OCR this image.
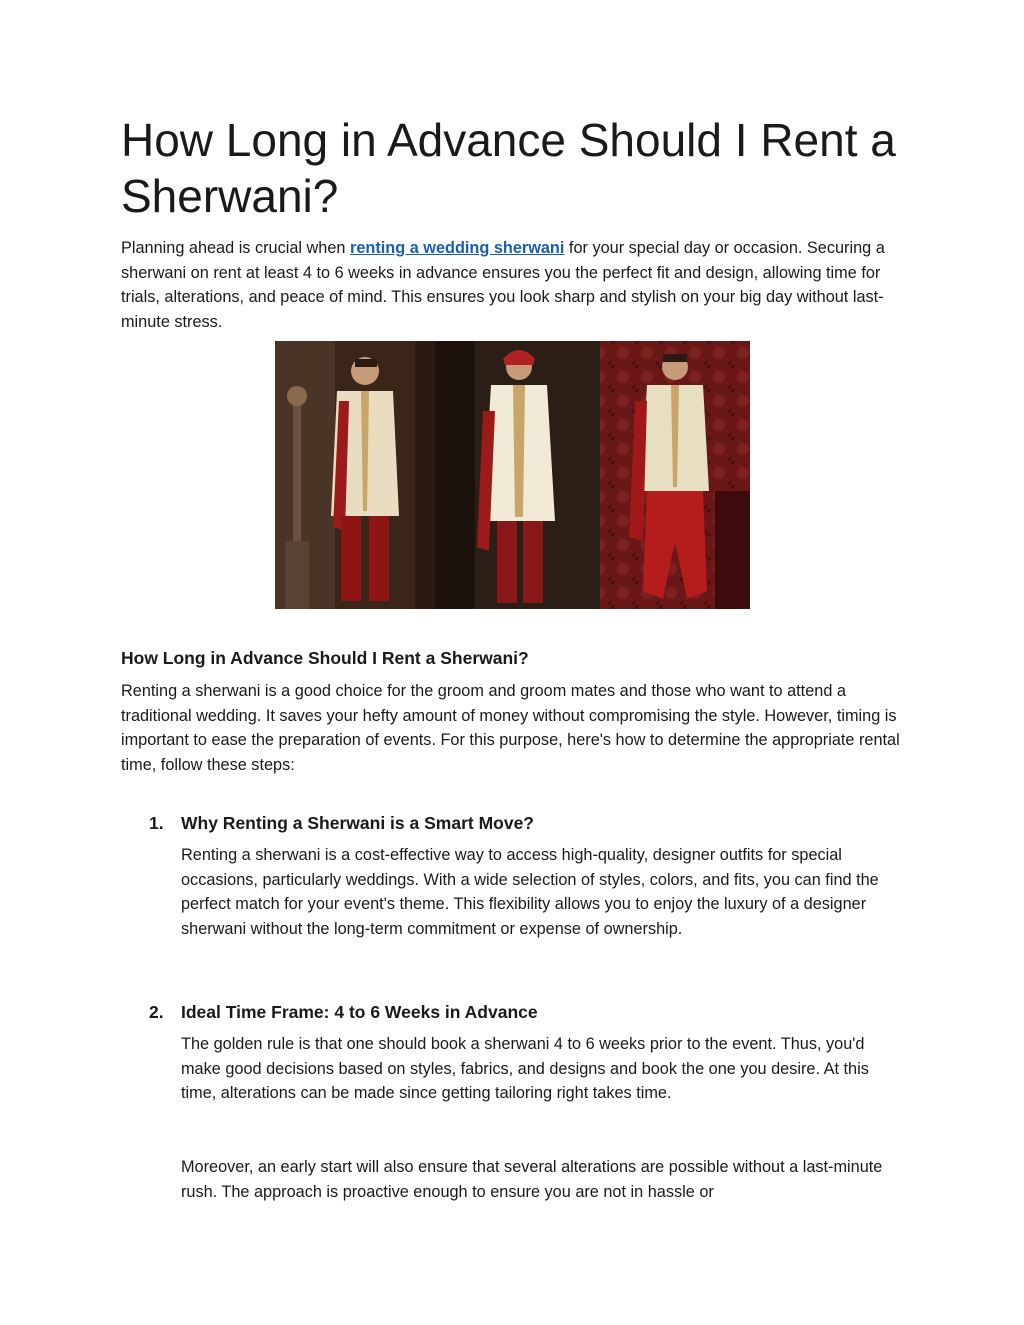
How Long in Advance Should I Rent a Sherwani?

Planning ahead is crucial when renting a wedding sherwani for your special day or occasion. Securing a sherwani on rent at least 4 to 6 weeks in advance ensures you the perfect fit and design, allowing time for trials, alterations, and peace of mind. This ensures you look sharp and stylish on your big day without last-minute stress.

How Long in Advance Should I Rent a Sherwani?

Renting a sherwani is a good choice for the groom and groom mates and those who want to attend a traditional wedding. It saves your hefty amount of money without compromising the style. However, timing is important to ease the preparation of events. For this purpose, here's how to determine the appropriate rental time, follow these steps:

1. Why Renting a Sherwani is a Smart Move?

Renting a sherwani is a cost-effective way to access high-quality, designer outfits for special occasions, particularly weddings. With a wide selection of styles, colors, and fits, you can find the perfect match for your event's theme. This flexibility allows you to enjoy the luxury of a designer sherwani without the long-term commitment or expense of ownership.

2. Ideal Time Frame: 4 to 6 Weeks in Advance

The golden rule is that one should book a sherwani 4 to 6 weeks prior to the event. Thus, you'd make good decisions based on styles, fabrics, and designs and book the one you desire. At this time, alterations can be made since getting tailoring right takes time.

Moreover, an early start will also ensure that several alterations are possible without a last-minute rush. The approach is proactive enough to ensure you are not in hassle or
